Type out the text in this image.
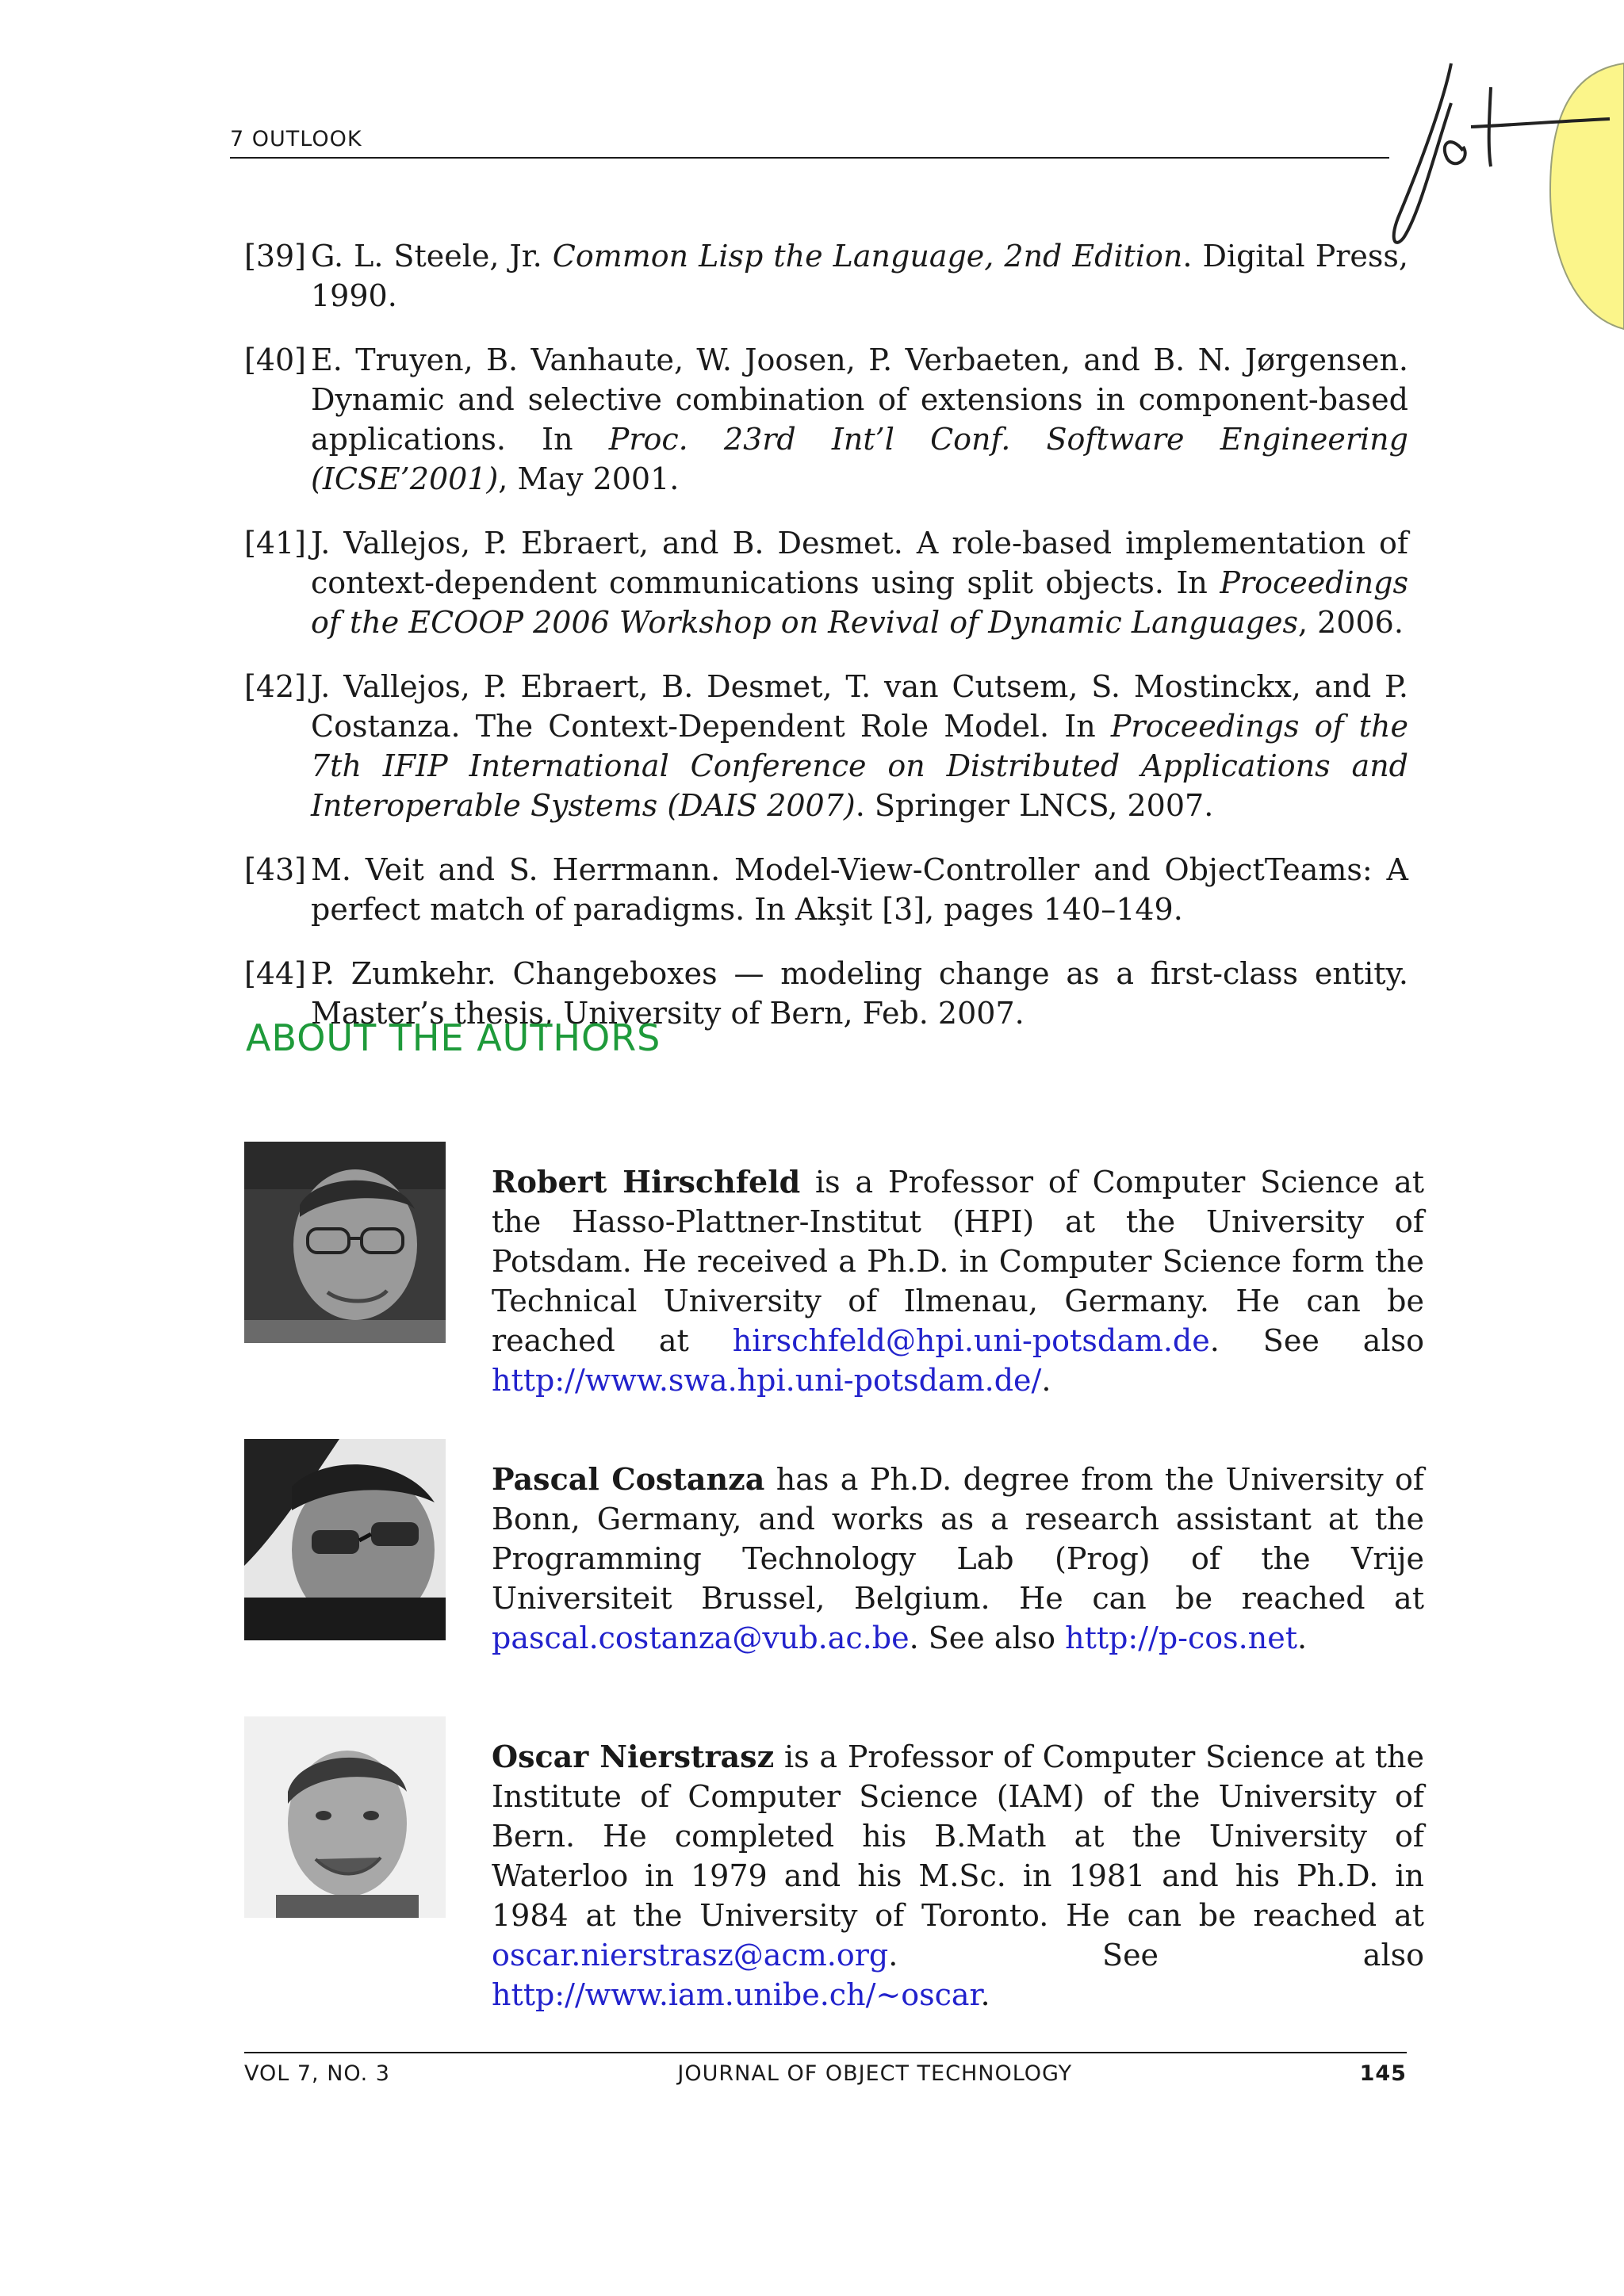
7 OUTLOOK
[39] G. L. Steele, Jr. Common Lisp the Language, 2nd Edition. Digital Press, 1990.
[40] E. Truyen, B. Vanhaute, W. Joosen, P. Verbaeten, and B. N. Jørgensen. Dynamic and selective combination of extensions in component-based applications. In Proc. 23rd Int’l Conf. Software Engineering (ICSE’2001), May 2001.
[41] J. Vallejos, P. Ebraert, and B. Desmet. A role-based implementation of context-dependent communications using split objects. In Proceedings of the ECOOP 2006 Workshop on Revival of Dynamic Languages, 2006.
[42] J. Vallejos, P. Ebraert, B. Desmet, T. van Cutsem, S. Mostinckx, and P. Costanza. The Context-Dependent Role Model. In Proceedings of the 7th IFIP International Conference on Distributed Applications and Interoperable Systems (DAIS 2007). Springer LNCS, 2007.
[43] M. Veit and S. Herrmann. Model-View-Controller and ObjectTeams: A perfect match of paradigms. In Akşit [3], pages 140–149.
[44] P. Zumkehr. Changeboxes — modeling change as a first-class entity. Master’s thesis, University of Bern, Feb. 2007.
ABOUT THE AUTHORS
Robert Hirschfeld is a Professor of Computer Science at the Hasso-Plattner-Institut (HPI) at the University of Potsdam. He received a Ph.D. in Computer Science form the Technical University of Ilmenau, Germany. He can be reached at hirschfeld@hpi.uni-potsdam.de. See also http://www.swa.hpi.uni-potsdam.de/.
Pascal Costanza has a Ph.D. degree from the University of Bonn, Germany, and works as a research assistant at the Programming Technology Lab (Prog) of the Vrije Universiteit Brussel, Belgium. He can be reached at pascal.costanza@vub.ac.be. See also http://p-cos.net.
Oscar Nierstrasz is a Professor of Computer Science at the Institute of Computer Science (IAM) of the University of Bern. He completed his B.Math at the University of Waterloo in 1979 and his M.Sc. in 1981 and his Ph.D. in 1984 at the University of Toronto. He can be reached at oscar.nierstrasz@acm.org. See also http://www.iam.unibe.ch/∼oscar.
VOL 7, NO. 3	JOURNAL OF OBJECT TECHNOLOGY	145
